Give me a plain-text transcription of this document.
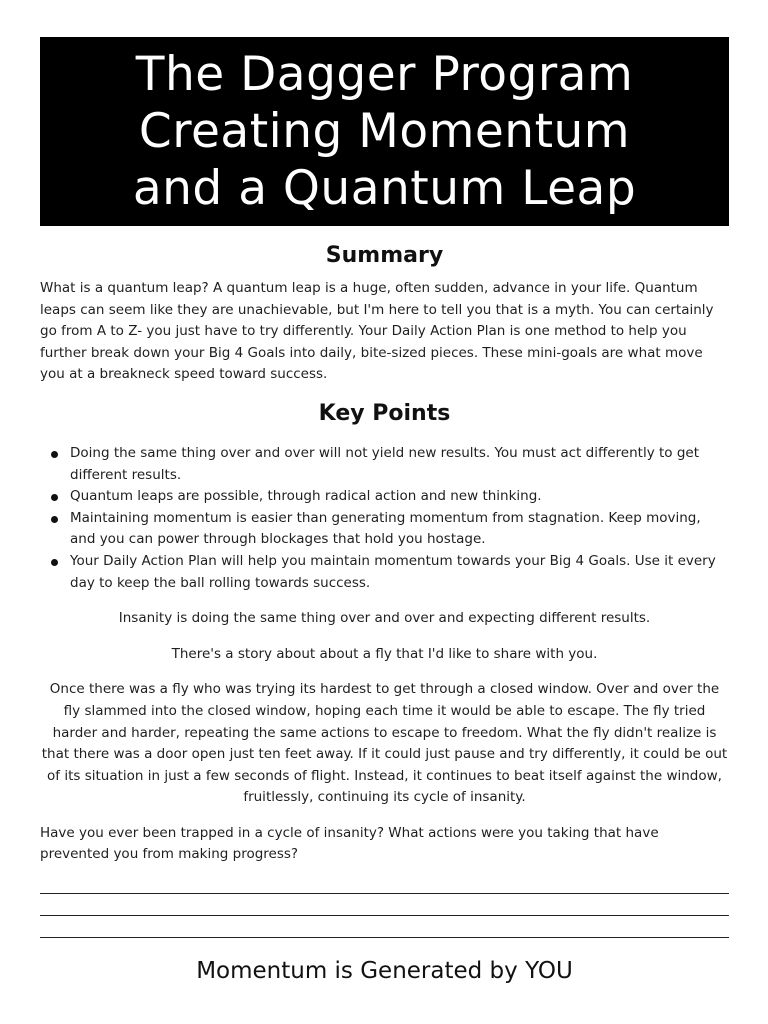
The Dagger Program
Creating Momentum
and a Quantum Leap
Summary

What is a quantum leap? A quantum leap is a huge, often sudden, advance in your life. Quantum leaps can seem like they are unachievable, but I'm here to tell you that is a myth. You can certainly go from A to Z- you just have to try differently. Your Daily Action Plan is one method to help you further break down your Big 4 Goals into daily, bite-sized pieces. These mini-goals are what move you at a breakneck speed toward success.

Key Points
Doing the same thing over and over will not yield new results. You must act differently to get different results.
Quantum leaps are possible, through radical action and new thinking.
Maintaining momentum is easier than generating momentum from stagnation. Keep moving, and you can power through blockages that hold you hostage.
Your Daily Action Plan will help you maintain momentum towards your Big 4 Goals. Use it every day to keep the ball rolling towards success.

Insanity is doing the same thing over and over and expecting different results.

There's a story about about a fly that I'd like to share with you.

Once there was a fly who was trying its hardest to get through a closed window. Over and over the fly slammed into the closed window, hoping each time it would be able to escape. The fly tried harder and harder, repeating the same actions to escape to freedom. What the fly didn't realize is that there was a door open just ten feet away. If it could just pause and try differently, it could be out of its situation in just a few seconds of flight. Instead, it continues to beat itself against the window, fruitlessly, continuing its cycle of insanity.

Have you ever been trapped in a cycle of insanity? What actions were you taking that have prevented you from making progress?

Momentum is Generated by YOU
